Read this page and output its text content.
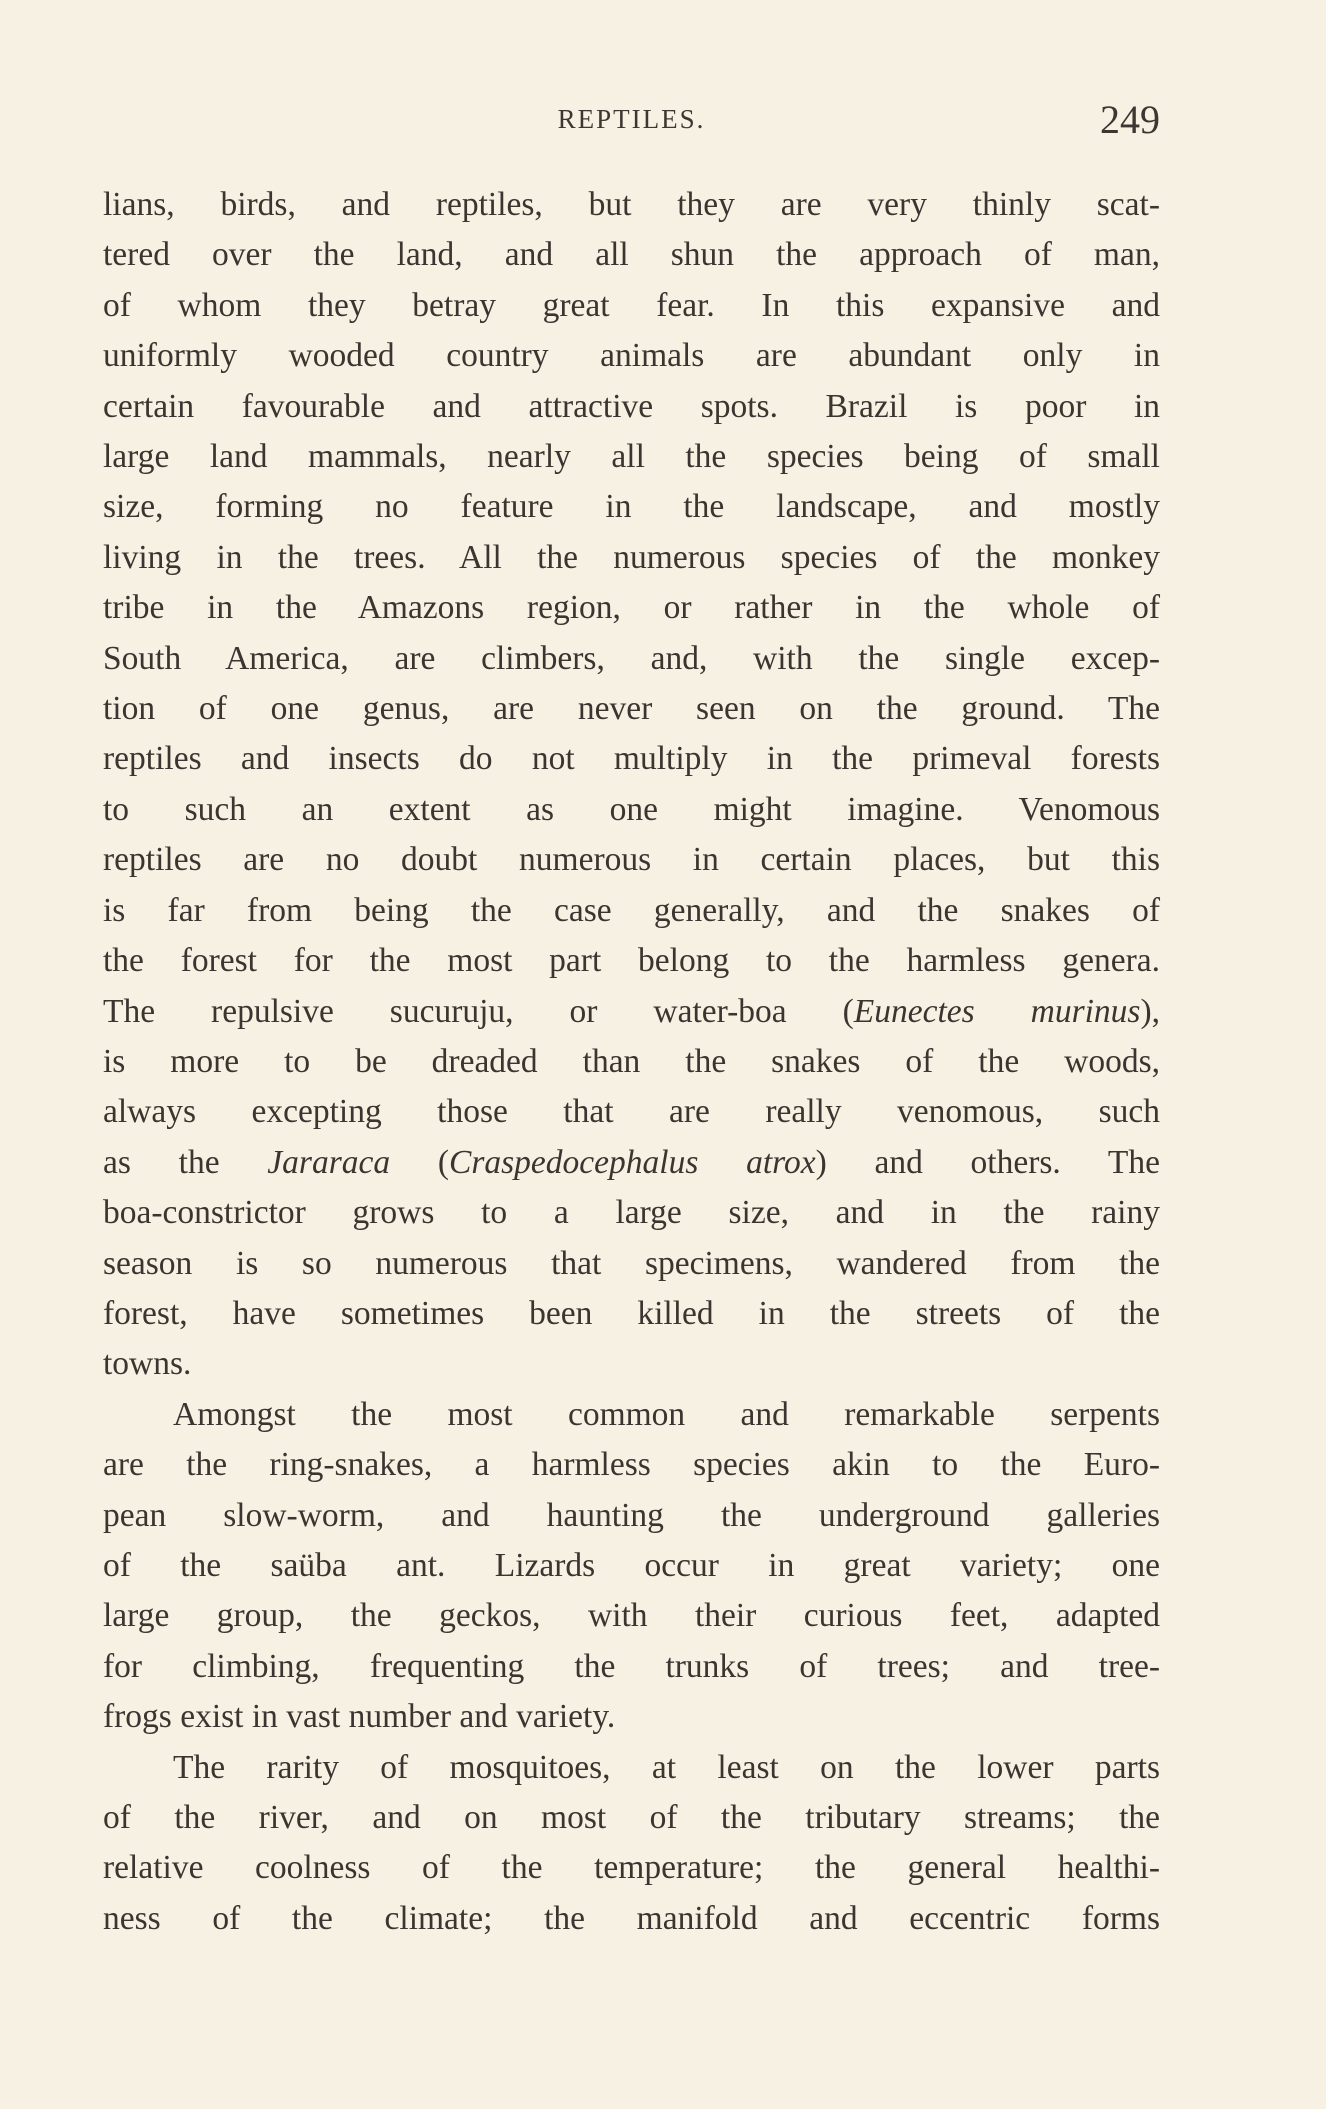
REPTILES.	249
lians, birds, and reptiles, but they are very thinly scat-
tered over the land, and all shun the approach of man,
of whom they betray great fear. In this expansive and
uniformly wooded country animals are abundant only in
certain favourable and attractive spots. Brazil is poor in
large land mammals, nearly all the species being of small
size, forming no feature in the landscape, and mostly
living in the trees. All the numerous species of the monkey
tribe in the Amazons region, or rather in the whole of
South America, are climbers, and, with the single excep-
tion of one genus, are never seen on the ground. The
reptiles and insects do not multiply in the primeval forests
to such an extent as one might imagine. Venomous
reptiles are no doubt numerous in certain places, but this
is far from being the case generally, and the snakes of
the forest for the most part belong to the harmless genera.
The repulsive sucuruju, or water-boa (Eunectes murinus),
is more to be dreaded than the snakes of the woods,
always excepting those that are really venomous, such
as the Jararaca (Craspedocephalus atrox) and others. The
boa-constrictor grows to a large size, and in the rainy
season is so numerous that specimens, wandered from the
forest, have sometimes been killed in the streets of the
towns.
Amongst the most common and remarkable serpents
are the ring-snakes, a harmless species akin to the Euro-
pean slow-worm, and haunting the underground galleries
of the saüba ant. Lizards occur in great variety; one
large group, the geckos, with their curious feet, adapted
for climbing, frequenting the trunks of trees; and tree-
frogs exist in vast number and variety.
The rarity of mosquitoes, at least on the lower parts
of the river, and on most of the tributary streams; the
relative coolness of the temperature; the general healthi-
ness of the climate; the manifold and eccentric forms
